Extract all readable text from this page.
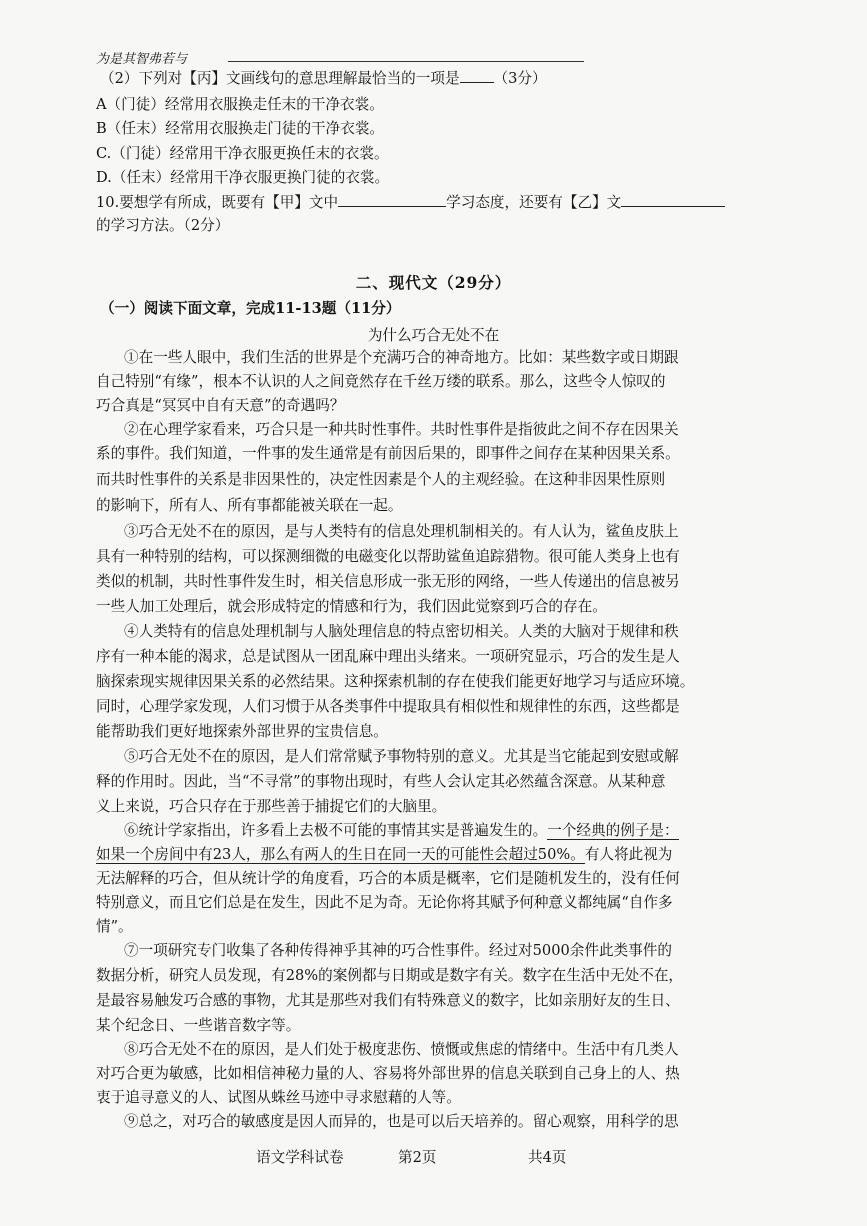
为是其智弗若与
（2）下列对【丙】文画线句的意思理解最恰当的一项是 （3分）
A（门徒）经常用衣服换走任末的干净衣裳。
B（任末）经常用衣服换走门徒的干净衣裳。
C.（门徒）经常用干净衣服更换任末的衣裳。
D.（任末）经常用干净衣服更换门徒的衣裳。
10.要想学有所成，既要有【甲】文中	学习态度，还要有【乙】文
的学习方法。（2分）
二、现代文（29分）
（一）阅读下面文章，完成11-13题（11分）
为什么巧合无处不在
①在一些人眼中，我们生活的世界是个充满巧合的神奇地方。比如：某些数字或日期跟
自己特别“有缘”，根本不认识的人之间竟然存在千丝万缕的联系。那么，这些令人惊叹的
巧合真是“冥冥中自有天意”的奇遇吗？
②在心理学家看来，巧合只是一种共时性事件。共时性事件是指彼此之间不存在因果关
系的事件。我们知道，一件事的发生通常是有前因后果的，即事件之间存在某种因果关系。
而共时性事件的关系是非因果性的，决定性因素是个人的主观经验。在这种非因果性原则
的影响下，所有人、所有事都能被关联在一起。
③巧合无处不在的原因，是与人类特有的信息处理机制相关的。有人认为，鲨鱼皮肤上
具有一种特别的结构，可以探测细微的电磁变化以帮助鲨鱼追踪猎物。很可能人类身上也有
类似的机制，共时性事件发生时，相关信息形成一张无形的网络，一些人传递出的信息被另
一些人加工处理后，就会形成特定的情感和行为，我们因此觉察到巧合的存在。
④人类特有的信息处理机制与人脑处理信息的特点密切相关。人类的大脑对于规律和秩
序有一种本能的渴求，总是试图从一团乱麻中理出头绪来。一项研究显示，巧合的发生是人
脑探索现实规律因果关系的必然结果。这种探索机制的存在使我们能更好地学习与适应环境。
同时，心理学家发现，人们习惯于从各类事件中提取具有相似性和规律性的东西，这些都是
能帮助我们更好地探索外部世界的宝贵信息。
⑤巧合无处不在的原因，是人们常常赋予事物特别的意义。尤其是当它能起到安慰或解
释的作用时。因此，当“不寻常”的事物出现时，有些人会认定其必然蕴含深意。从某种意
义上来说，巧合只存在于那些善于捕捉它们的大脑里。
⑥统计学家指出，许多看上去极不可能的事情其实是普遍发生的。一个经典的例子是：
如果一个房间中有23人，那么有两人的生日在同一天的可能性会超过50%。有人将此视为
无法解释的巧合，但从统计学的角度看，巧合的本质是概率，它们是随机发生的，没有任何
特别意义，而且它们总是在发生，因此不足为奇。无论你将其赋予何种意义都纯属“自作多
情”。
⑦一项研究专门收集了各种传得神乎其神的巧合性事件。经过对5000余件此类事件的
数据分析，研究人员发现，有28%的案例都与日期或是数字有关。数字在生活中无处不在，
是最容易触发巧合感的事物，尤其是那些对我们有特殊意义的数字，比如亲朋好友的生日、
某个纪念日、一些谐音数字等。
⑧巧合无处不在的原因，是人们处于极度悲伤、愤慨或焦虑的情绪中。生活中有几类人
对巧合更为敏感，比如相信神秘力量的人、容易将外部世界的信息关联到自己身上的人、热
衷于追寻意义的人、试图从蛛丝马迹中寻求慰藉的人等。
⑨总之，对巧合的敏感度是因人而异的，也是可以后天培养的。留心观察，用科学的思
语文学科试卷	第2页	共4页
